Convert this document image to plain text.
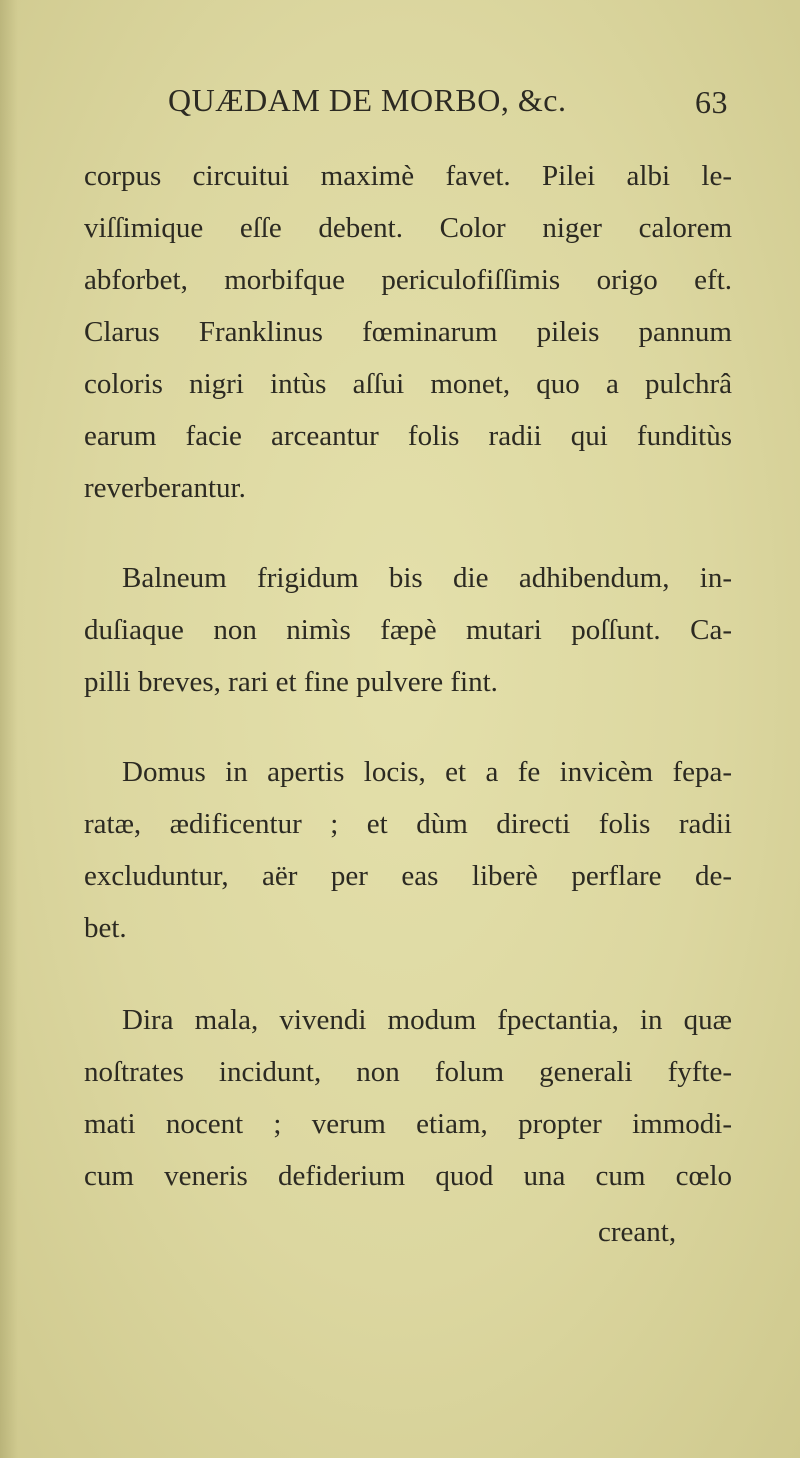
QUÆDAM DE MORBO, &c.	63
corpus circuitui maximè favet. Pilei albi le-
viſſimique eſſe debent. Color niger calorem
abforbet, morbifque periculofiſſimis origo eft.
Clarus Franklinus fœminarum pileis pannum
coloris nigri intùs aſſui monet, quo a pulchrâ
earum facie arceantur folis radii qui funditùs
reverberantur.
Balneum frigidum bis die adhibendum, in-
duſiaque non nimìs fæpè mutari poſſunt. Ca-
pilli breves, rari et fine pulvere fint.
Domus in apertis locis, et a fe invicèm fepa-
ratæ, ædificentur ; et dùm directi folis radii
excluduntur, aër per eas liberè perflare de-
bet.
Dira mala, vivendi modum fpectantia, in quæ
noſtrates incidunt, non folum generali fyfte-
mati nocent ; verum etiam, propter immodi-
cum veneris defiderium quod una cum cœlo
creant,
